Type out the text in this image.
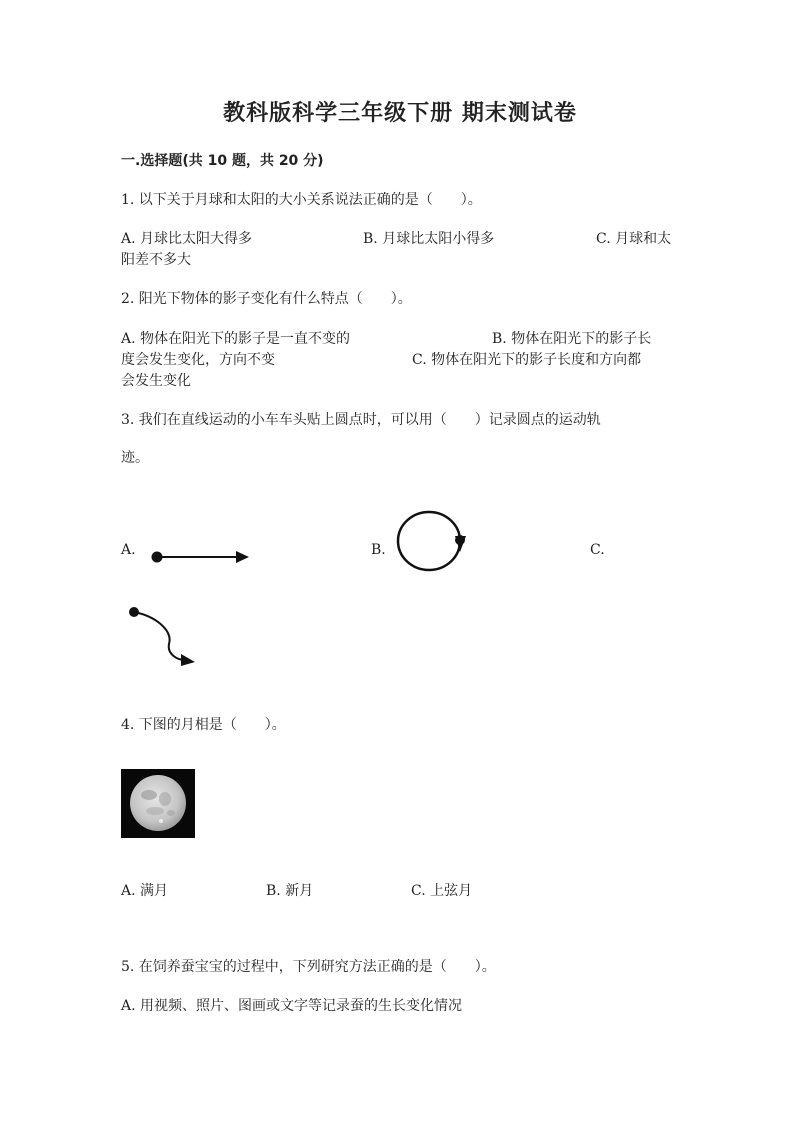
教科版科学三年级下册 期末测试卷
一.选择题(共 10 题，共 20 分)
1. 以下关于月球和太阳的大小关系说法正确的是（　　）。
A. 月球比太阳大得多	B. 月球比太阳小得多	C. 月球和太
阳差不多大
2. 阳光下物体的影子变化有什么特点（　　）。
A. 物体在阳光下的影子是一直不变的	B. 物体在阳光下的影子长
度会发生变化，方向不变	C. 物体在阳光下的影子长度和方向都
会发生变化
3. 我们在直线运动的小车车头贴上圆点时，可以用（　　）记录圆点的运动轨
迹。
A.	B.	C.
4. 下图的月相是（　　）。
A. 满月	B. 新月	C. 上弦月
5. 在饲养蚕宝宝的过程中，下列研究方法正确的是（　　）。
A. 用视频、照片、图画或文字等记录蚕的生长变化情况
